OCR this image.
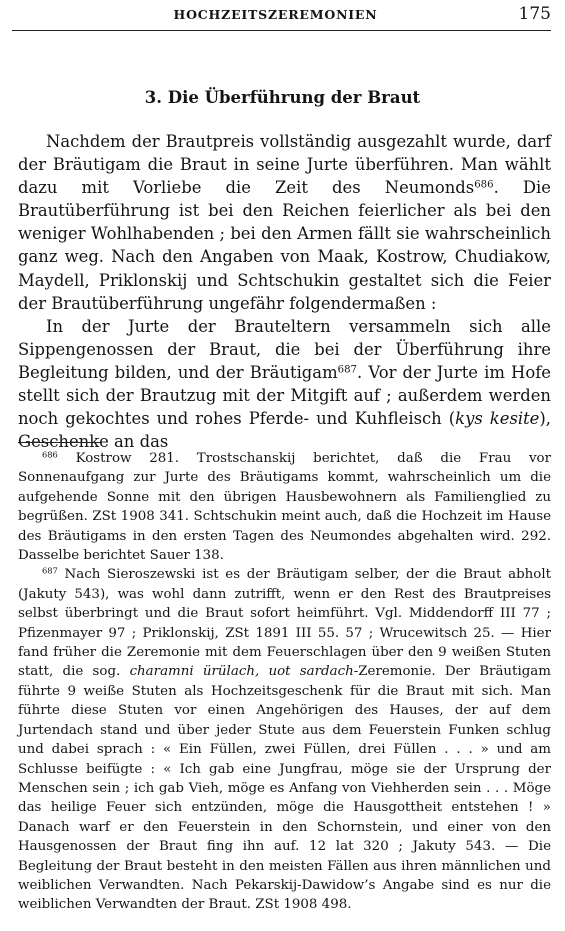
HOCHZEITSZEREMONIEN	175
3. Die Überführung der Braut

Nachdem der Brautpreis vollständig ausgezahlt wurde, darf der Bräutigam die Braut in seine Jurte überführen. Man wählt dazu mit Vorliebe die Zeit des Neumonds$^{686}$. Die Brautüberführung ist bei den Reichen feierlicher als bei den weniger Wohlhabenden ; bei den Armen fällt sie wahrscheinlich ganz weg. Nach den Angaben von Maak, Kostrow, Chudiakow, Maydell, Priklonskij und Schtschukin gestaltet sich die Feier der Brautüberführung ungefähr folgendermaßen :

In der Jurte der Brauteltern versammeln sich alle Sippengenossen der Braut, die bei der Überführung ihre Begleitung bilden, und der Bräutigam$^{687}$. Vor der Jurte im Hofe stellt sich der Brautzug mit der Mitgift auf ; außerdem werden noch gekochtes und rohes Pferde- und Kuhfleisch (kys kesite), Geschenke an das

$^{686}$ Kostrow 281. Trostschanskij berichtet, daß die Frau vor Sonnenaufgang zur Jurte des Bräutigams kommt, wahrscheinlich um die aufgehende Sonne mit den übrigen Hausbewohnern als Familienglied zu begrüßen. ZSt 1908 341. Schtschukin meint auch, daß die Hochzeit im Hause des Bräutigams in den ersten Tagen des Neumondes abgehalten wird. 292. Dasselbe berichtet Sauer 138.

$^{687}$ Nach Sieroszewski ist es der Bräutigam selber, der die Braut abholt (Jakuty 543), was wohl dann zutrifft, wenn er den Rest des Brautpreises selbst überbringt und die Braut sofort heimführt. Vgl. Middendorff III 77 ; Pfizenmayer 97 ; Priklonskij, ZSt 1891 III 55. 57 ; Wrucewitsch 25. — Hier fand früher die Zeremonie mit dem Feuerschlagen über den 9 weißen Stuten statt, die sog. charamni ürülach, uot sardach-Zeremonie. Der Bräutigam führte 9 weiße Stuten als Hochzeitsgeschenk für die Braut mit sich. Man führte diese Stuten vor einen Angehörigen des Hauses, der auf dem Jurtendach stand und über jeder Stute aus dem Feuerstein Funken schlug und dabei sprach : « Ein Füllen, zwei Füllen, drei Füllen . . . » und am Schlusse beifügte : « Ich gab eine Jungfrau, möge sie der Ursprung der Menschen sein ; ich gab Vieh, möge es Anfang von Viehherden sein . . . Möge das heilige Feuer sich entzünden, möge die Hausgottheit entstehen ! » Danach warf er den Feuerstein in den Schornstein, und einer von den Hausgenossen der Braut fing ihn auf. 12 lat 320 ; Jakuty 543. — Die Begleitung der Braut besteht in den meisten Fällen aus ihren männlichen und weiblichen Verwandten. Nach Pekarskij-Dawidow’s Angabe sind es nur die weiblichen Verwandten der Braut. ZSt 1908 498.
